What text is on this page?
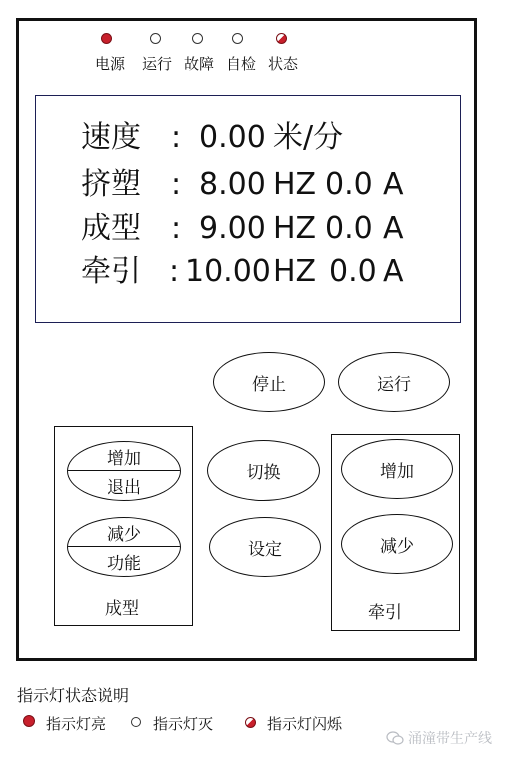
电源 运行 故障 自检 状态
速度 : 0.00 米/分
挤塑 : 8.00 HZ 0.0 A
成型 : 9.00 HZ 0.0 A
牵引 : 10.00 HZ 0.0 A
停止	运行
增加
退出
减少
功能
成型
切换
设定
增加
减少
牵引
指示灯状态说明
指示灯亮	指示灯灭	指示灯闪烁
涌潼带生产线
